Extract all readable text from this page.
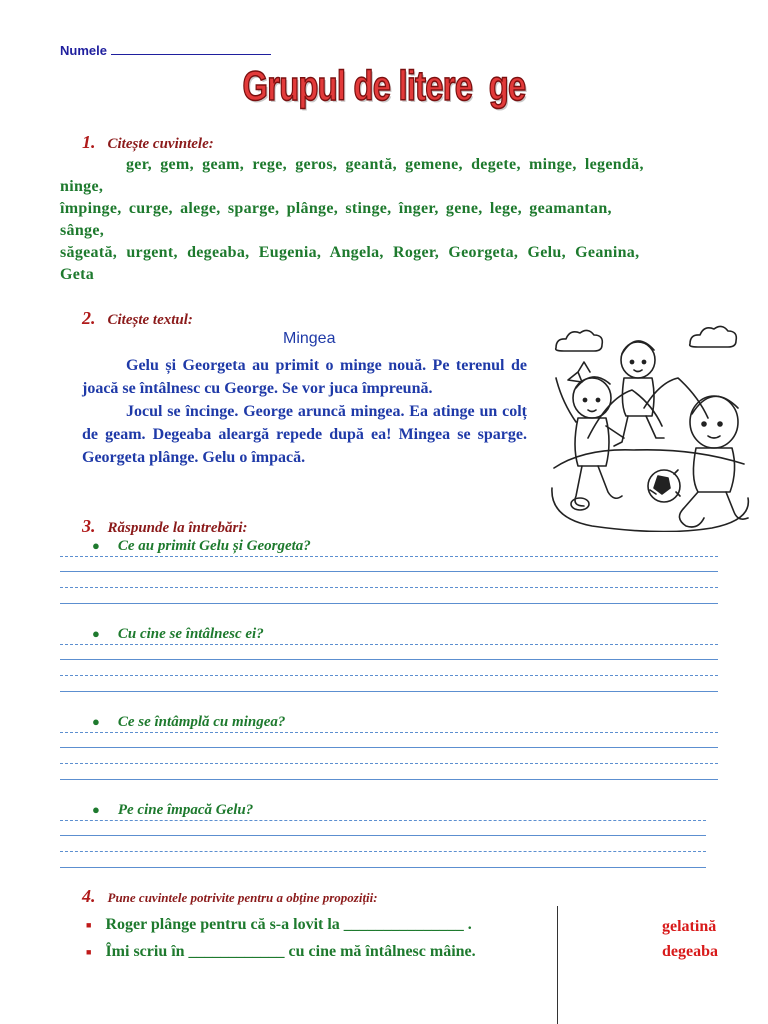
Numele
Grupul de litere  ge
1. Citește cuvintele:

ger, gem, geam, rege, geros, geantă, gemene, degete, minge, legendă,

ninge,

împinge, curge, alege, sparge, plânge, stinge, înger, gene, lege, geamantan,

sânge,

săgeată, urgent, degeaba, Eugenia, Angela, Roger, Georgeta, Gelu, Geanina,

Geta

2. Citește textul:
Mingea

Gelu și Georgeta au primit o minge nouă. Pe terenul de joacă se întâlnesc cu George. Se vor juca împreună.

Jocul se încinge. George aruncă mingea. Ea atinge un colț de geam. Degeaba aleargă repede după ea! Mingea se sparge. Georgeta plânge. Gelu o împacă.

3. Răspunde la întrebări:
● Ce au primit Gelu și Georgeta?
● Cu cine se întâlnesc ei?
● Ce se întâmplă cu mingea?
● Pe cine împacă Gelu?
4. Pune cuvintele potrivite pentru a obține propoziții:
■ Roger plânge pentru că s-a lovit la _______________ .
■ Îmi scriu în ____________ cu cine mă întâlnesc mâine.
gelatină
degeaba
